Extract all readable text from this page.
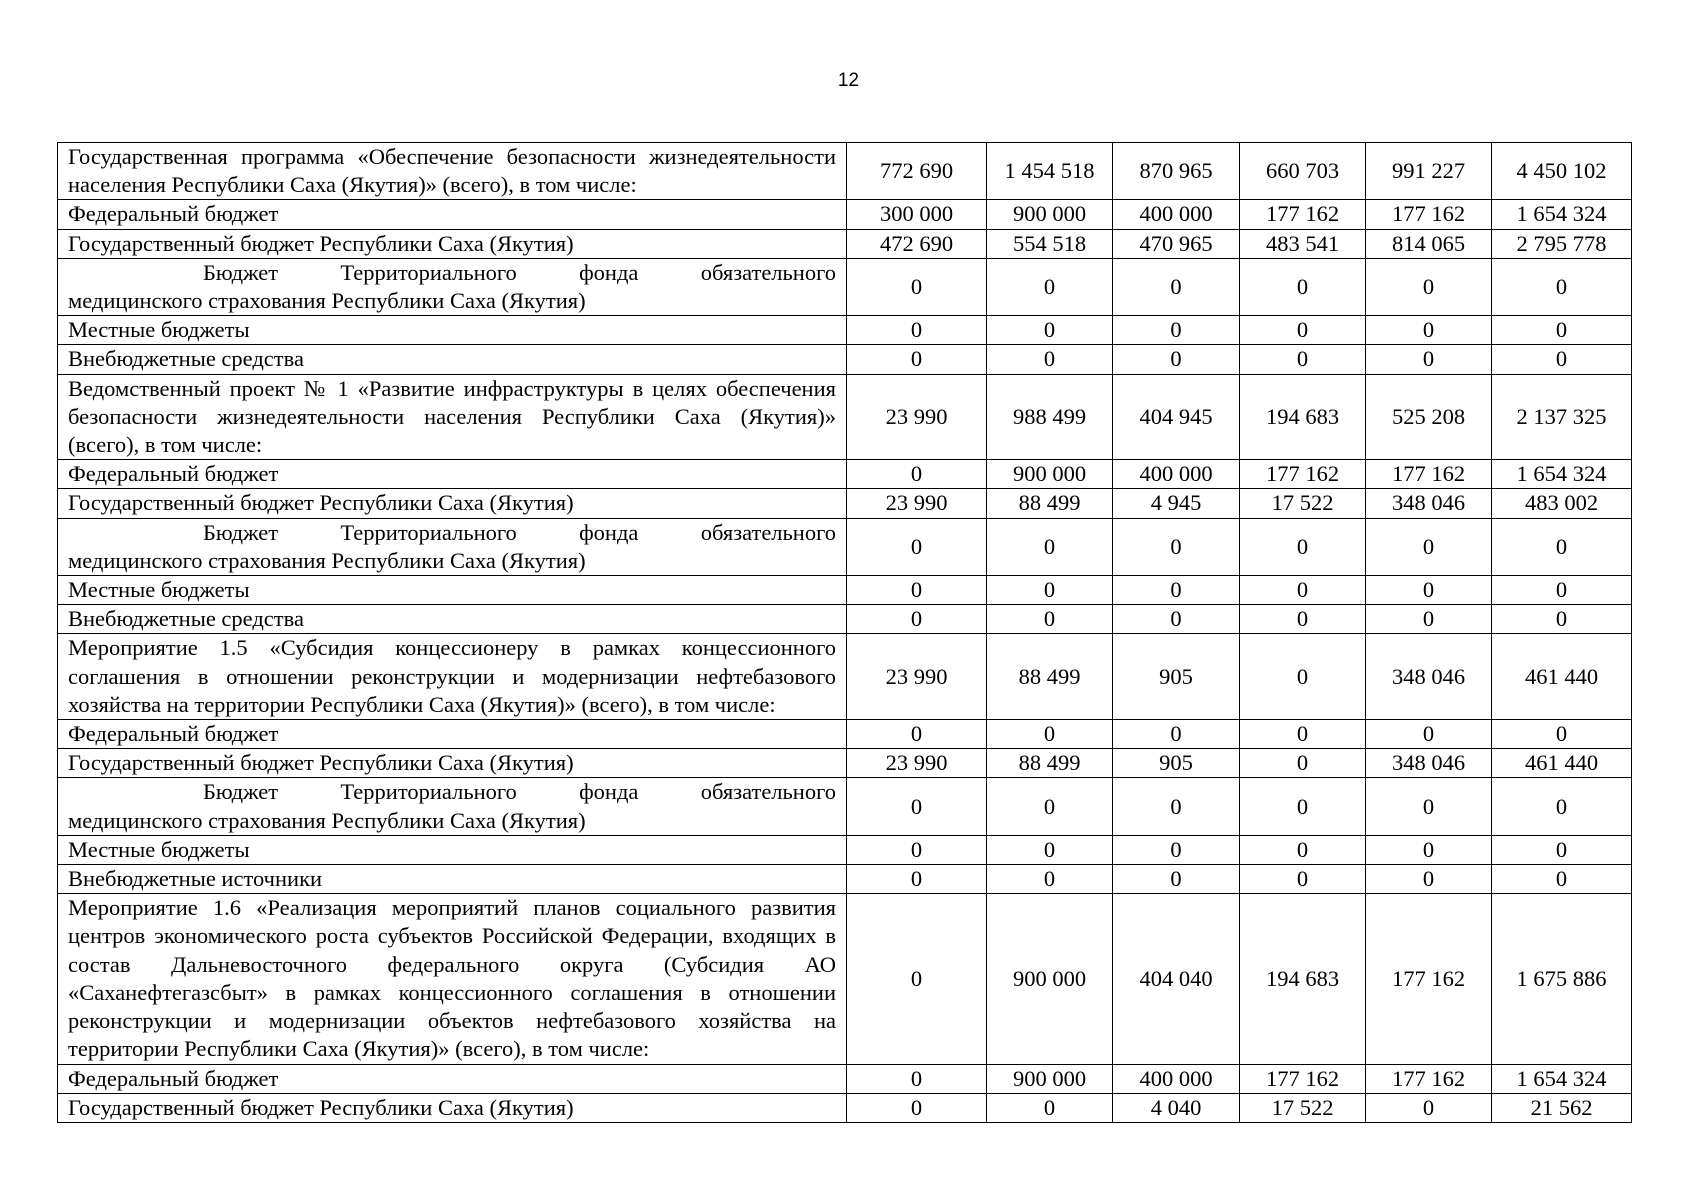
12
Государственная программа «Обеспечение безопасности жизнедеятельности населения Республики Саха (Якутия)» (всего), в том числе:	772 690	1 454 518	870 965	660 703	991 227	4 450 102
Федеральный бюджет	300 000	900 000	400 000	177 162	177 162	1 654 324
Государственный бюджет Республики Саха (Якутия)	472 690	554 518	470 965	483 541	814 065	2 795 778

Бюджет Территориального фонда обязательного
медицинского страхования Республики Саха (Якутия)	0	0	0	0	0	0
Местные бюджеты	0	0	0	0	0	0
Внебюджетные средства	0	0	0	0	0	0
Ведомственный проект № 1 «Развитие инфраструктуры в целях обеспечения безопасности жизнедеятельности населения Республики Саха (Якутия)» (всего), в том числе:	23 990	988 499	404 945	194 683	525 208	2 137 325
Федеральный бюджет	0	900 000	400 000	177 162	177 162	1 654 324
Государственный бюджет Республики Саха (Якутия)	23 990	88 499	4 945	17 522	348 046	483 002

Бюджет Территориального фонда обязательного
медицинского страхования Республики Саха (Якутия)	0	0	0	0	0	0
Местные бюджеты	0	0	0	0	0	0
Внебюджетные средства	0	0	0	0	0	0
Мероприятие 1.5 «Субсидия концессионеру в рамках концессионного соглашения в отношении реконструкции и модернизации нефтебазового хозяйства на территории Республики Саха (Якутия)» (всего), в том числе:	23 990	88 499	905	0	348 046	461 440
Федеральный бюджет	0	0	0	0	0	0
Государственный бюджет Республики Саха (Якутия)	23 990	88 499	905	0	348 046	461 440

Бюджет Территориального фонда обязательного
медицинского страхования Республики Саха (Якутия)	0	0	0	0	0	0
Местные бюджеты	0	0	0	0	0	0
Внебюджетные источники	0	0	0	0	0	0
Мероприятие 1.6 «Реализация мероприятий планов социального развития центров экономического роста субъектов Российской Федерации, входящих в состав Дальневосточного федерального округа (Субсидия АО «Саханефтегазсбыт» в рамках концессионного соглашения в отношении реконструкции и модернизации объектов нефтебазового хозяйства на территории Республики Саха (Якутия)» (всего), в том числе:	0	900 000	404 040	194 683	177 162	1 675 886
Федеральный бюджет	0	900 000	400 000	177 162	177 162	1 654 324
Государственный бюджет Республики Саха (Якутия)	0	0	4 040	17 522	0	21 562
